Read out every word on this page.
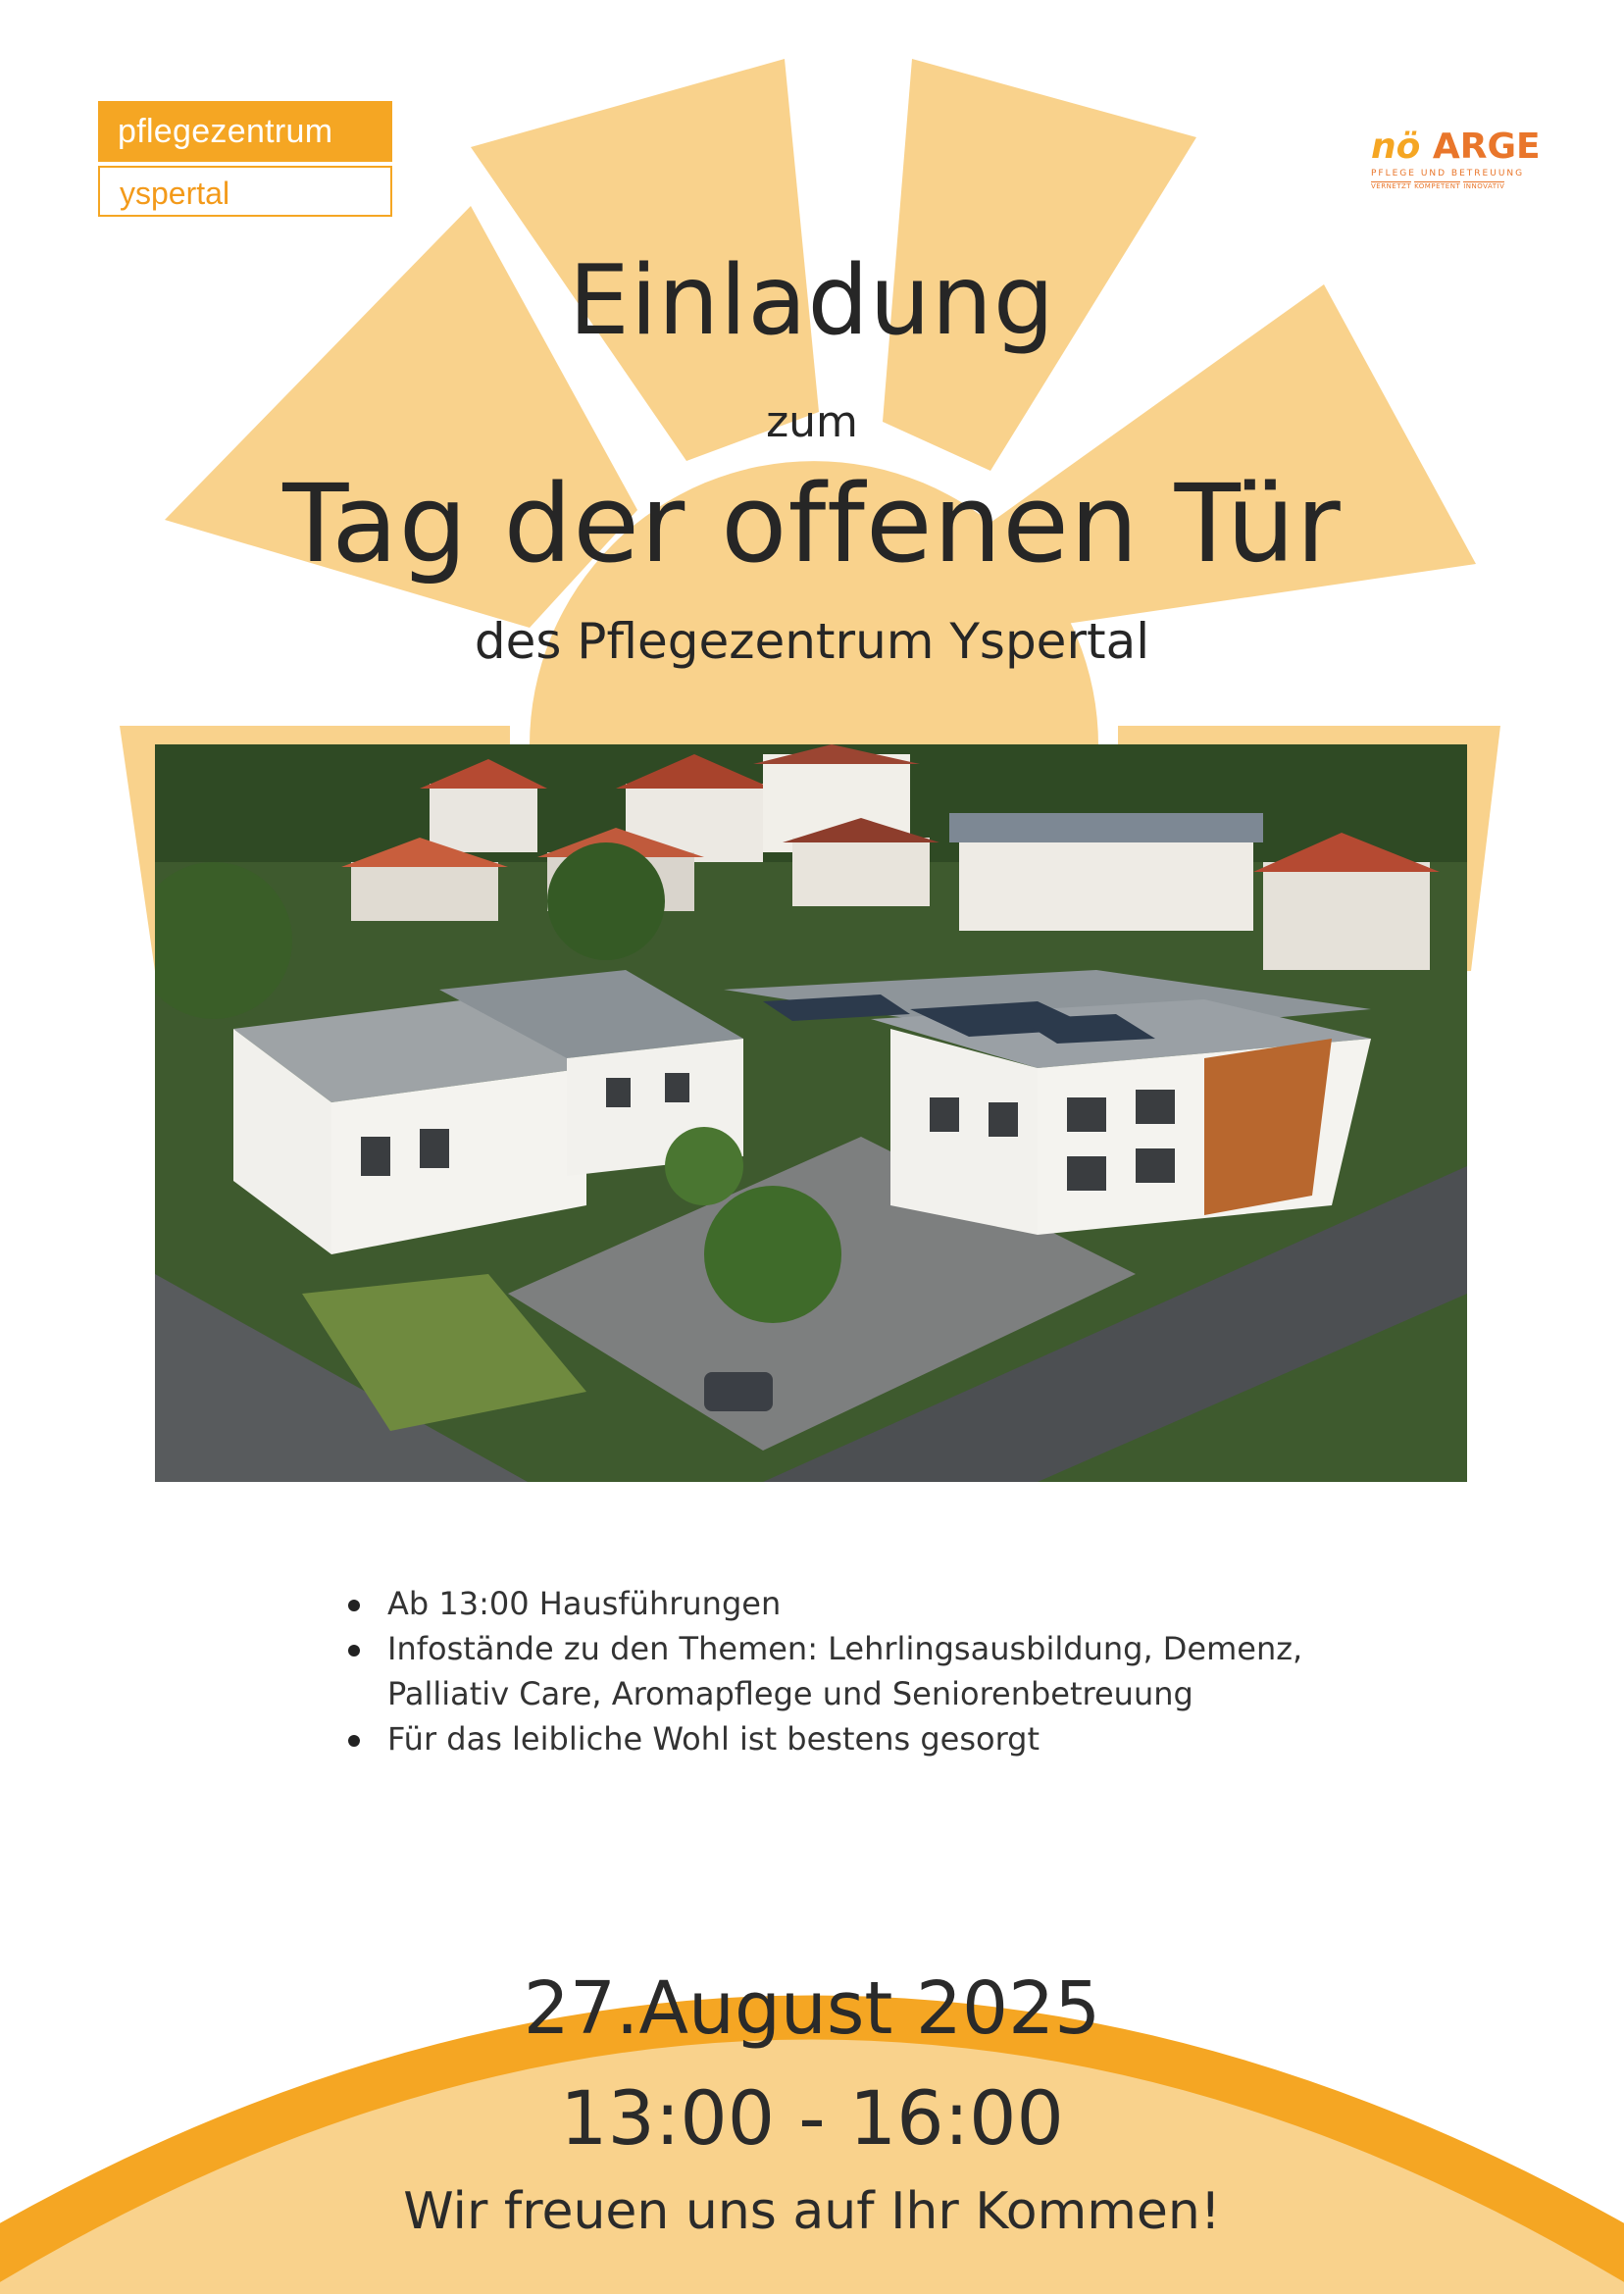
pflegezentrum
yspertal
nö ARGE
PFLEGE UND BETREUUNG
VERNETZT KOMPETENT INNOVATIV
Einladung
zum
Tag der offenen Tür
des Pflegezentrum Yspertal
Ab 13:00 Hausführungen
Infostände zu den Themen: Lehrlingsausbildung, Demenz, Palliativ Care, Aromapflege und Seniorenbetreuung
Für das leibliche Wohl ist bestens gesorgt
27.August 2025
13:00 - 16:00
Wir freuen uns auf Ihr Kommen!
